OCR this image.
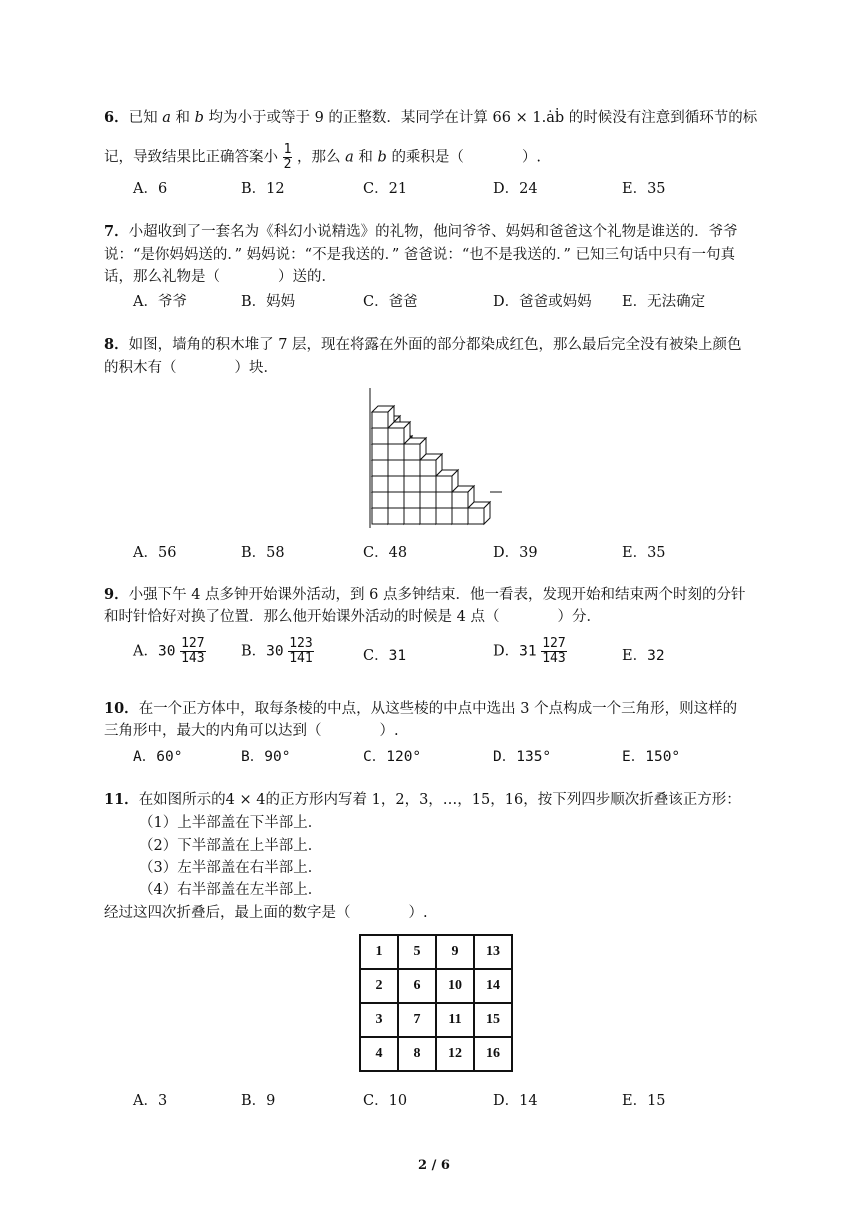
6．已知 a 和 b 均为小于或等于 9 的正整数．某同学在计算 66 × 1.ȧḃ 的时候没有注意到循环节的标
记，导致结果比正确答案小 $\frac{1}{2}$ ，那么 a 和 b 的乘积是（	）.
A．6	B．12	C．21	D．24	E．35
7．小超收到了一套名为《科幻小说精选》的礼物，他问爷爷、妈妈和爸爸这个礼物是谁送的．爷爷
说：“是你妈妈送的．” 妈妈说：“不是我送的．” 爸爸说：“也不是我送的．” 已知三句话中只有一句真
话，那么礼物是（	）送的．
A．爷爷	B．妈妈	C．爸爸	D．爸爸或妈妈 E．无法确定
8．如图，墙角的积木堆了 7 层，现在将露在外面的部分都染成红色，那么最后完全没有被染上颜色
的积木有（	）块．
A．56	B．58	C．48	D．39	E．35
9．小强下午 4 点多钟开始课外活动，到 6 点多钟结束．他一看表，发现开始和结束两个时刻的分针
和时针恰好对换了位置．那么他开始课外活动的时候是 4 点（	）分．
A．$30 \frac{127}{143}$ B．$30 \frac{123}{141}$	C．31	D．$31 \frac{127}{143}$	E．32
10．在一个正方体中，取每条棱的中点，从这些棱的中点中选出 3 个点构成一个三角形，则这样的
三角形中，最大的内角可以达到（	）.
A．60°	B．90°	C．120°	D．135°	E．150°
11．在如图所示的4 × 4的正方形内写着 1，2，3，…，15，16，按下列四步顺次折叠该正方形：
（1）上半部盖在下半部上．
（2）下半部盖在上半部上．
（3）左半部盖在右半部上．
（4）右半部盖在左半部上．
经过这四次折叠后，最上面的数字是（	）.
1	5	9	13
2	6	10	14
3	7	11	15
4	8	12	16
A．3	B．9	C．10	D．14	E．15
2 / 6
